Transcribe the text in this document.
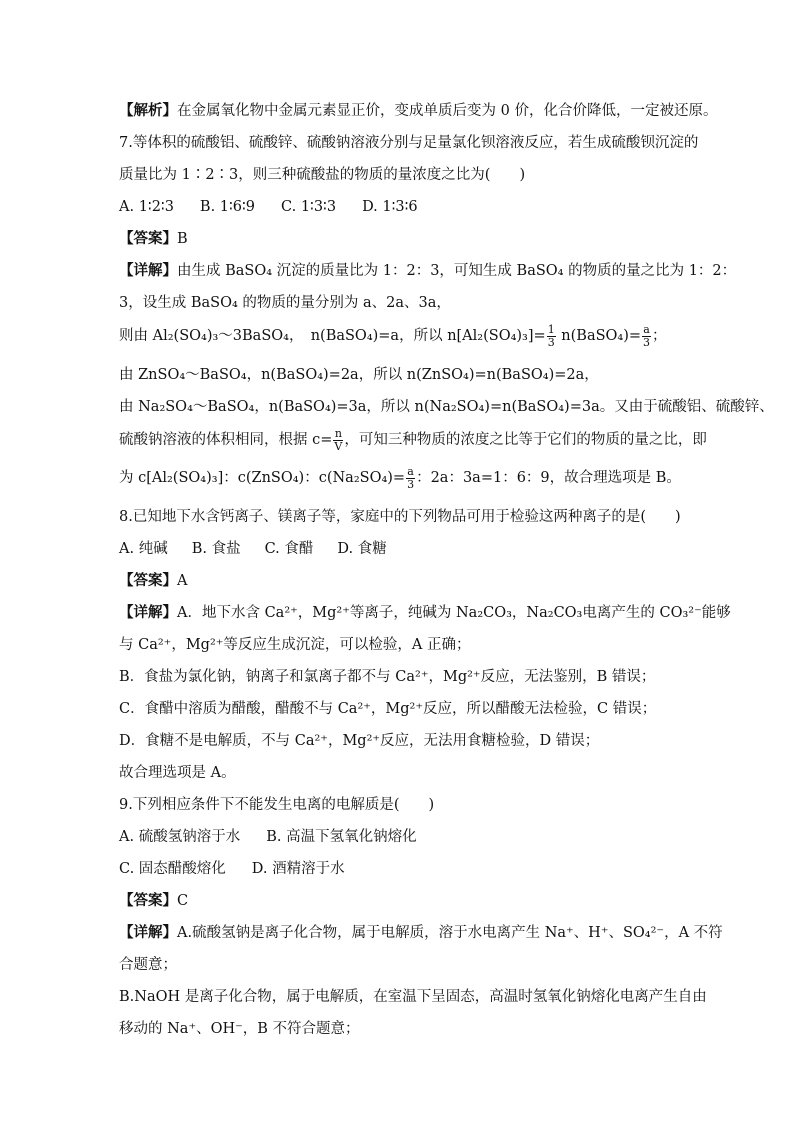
【解析】在金属氧化物中金属元素显正价，变成单质后变为 0 价，化合价降低，一定被还原。
7.等体积的硫酸铝、硫酸锌、硫酸钠溶液分别与足量氯化钡溶液反应，若生成硫酸钡沉淀的
质量比为 1∶2∶3，则三种硫酸盐的物质的量浓度之比为(　　)
A. 1∶2∶3 B. 1∶6∶9 C. 1∶3∶3 D. 1∶3∶6
【答案】B
【详解】由生成 BaSO₄ 沉淀的质量比为 1：2：3，可知生成 BaSO₄ 的物质的量之比为 1：2：
3，设生成 BaSO₄ 的物质的量分别为 a、2a、3a，
则由 Al₂(SO₄)₃～3BaSO₄，　n(BaSO₄)=a，所以 $n[Al_2(SO_4)_3]= \frac{1}{3}$ n(BaSO₄)= $\frac{a}{3}$ ；
由 ZnSO₄～BaSO₄，n(BaSO₄)=2a，所以 n(ZnSO₄)=n(BaSO₄)=2a，
由 Na₂SO₄～BaSO₄，n(BaSO₄)=3a，所以 n(Na₂SO₄)=n(BaSO₄)=3a。又由于硫酸铝、硫酸锌、
硫酸钠溶液的体积相同，根据 $c= \frac{n}{V}$ ，可知三种物质的浓度之比等于它们的物质的量之比，即
为 c[Al₂(SO₄)₃]：c(ZnSO₄)：$c(Na_2SO_4)= \frac{a}{3}$ ：2a：3a=1：6：9，故合理选项是 B。
8.已知地下水含钙离子、镁离子等，家庭中的下列物品可用于检验这两种离子的是(　　)
A. 纯碱 B. 食盐 C. 食醋 D. 食糖
【答案】A
【详解】A．地下水含 Ca²⁺，Mg²⁺等离子，纯碱为 Na₂CO₃，Na₂CO₃电离产生的 CO₃²⁻能够
与 Ca²⁺，Mg²⁺等反应生成沉淀，可以检验，A 正确；
B．食盐为氯化钠，钠离子和氯离子都不与 Ca²⁺，Mg²⁺反应，无法鉴别，B 错误；
C．食醋中溶质为醋酸，醋酸不与 Ca²⁺，Mg²⁺反应，所以醋酸无法检验，C 错误；
D．食糖不是电解质，不与 Ca²⁺，Mg²⁺反应，无法用食糖检验，D 错误；
故合理选项是 A。
9.下列相应条件下不能发生电离的电解质是(　　)
A. 硫酸氢钠溶于水 B. 高温下氢氧化钠熔化
C. 固态醋酸熔化 D. 酒精溶于水
【答案】C
【详解】A.硫酸氢钠是离子化合物，属于电解质，溶于水电离产生 Na⁺、H⁺、SO₄²⁻，A 不符
合题意；
B.NaOH 是离子化合物，属于电解质，在室温下呈固态，高温时氢氧化钠熔化电离产生自由
移动的 Na⁺、OH⁻，B 不符合题意；
